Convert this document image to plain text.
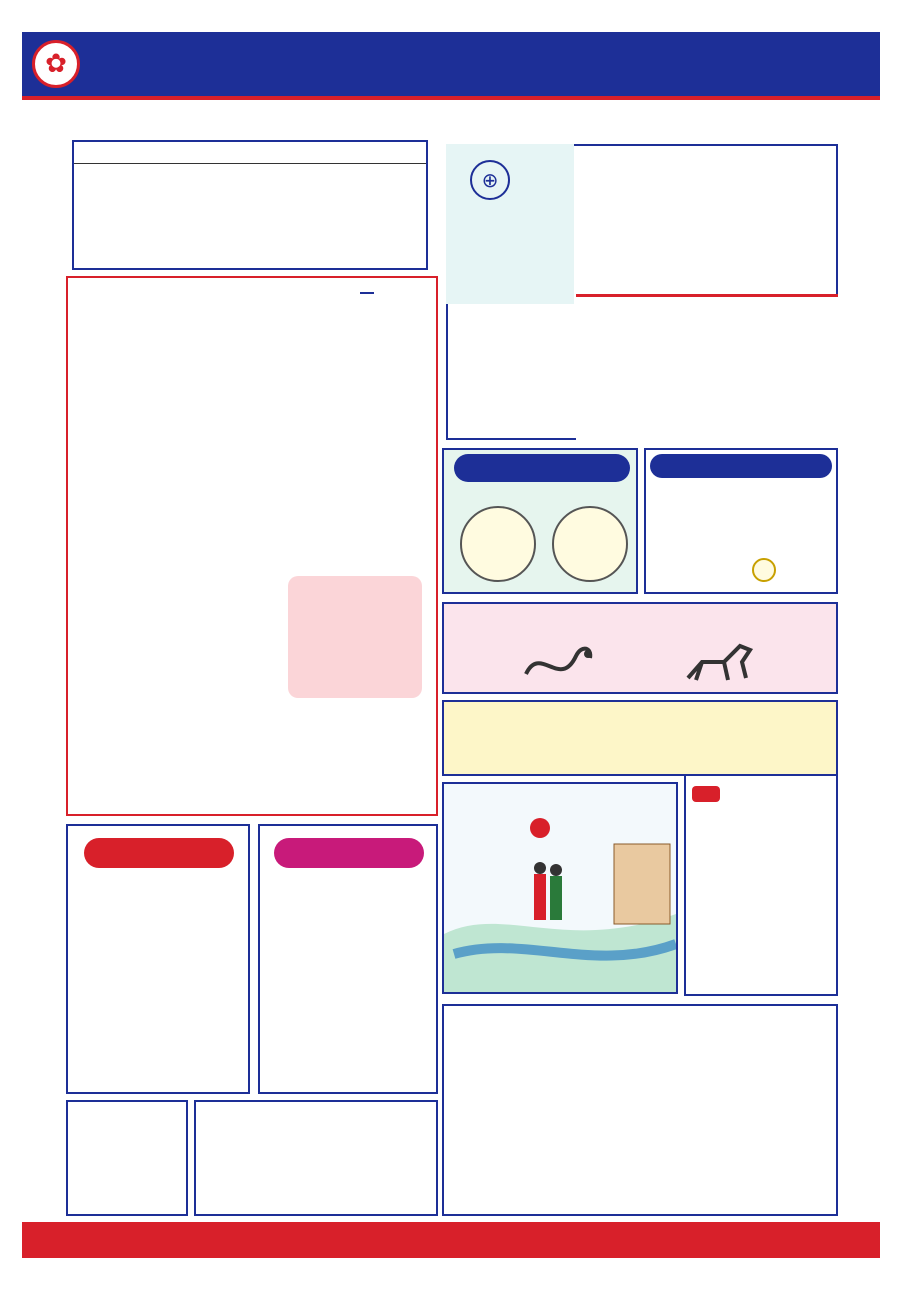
✿
⊕
